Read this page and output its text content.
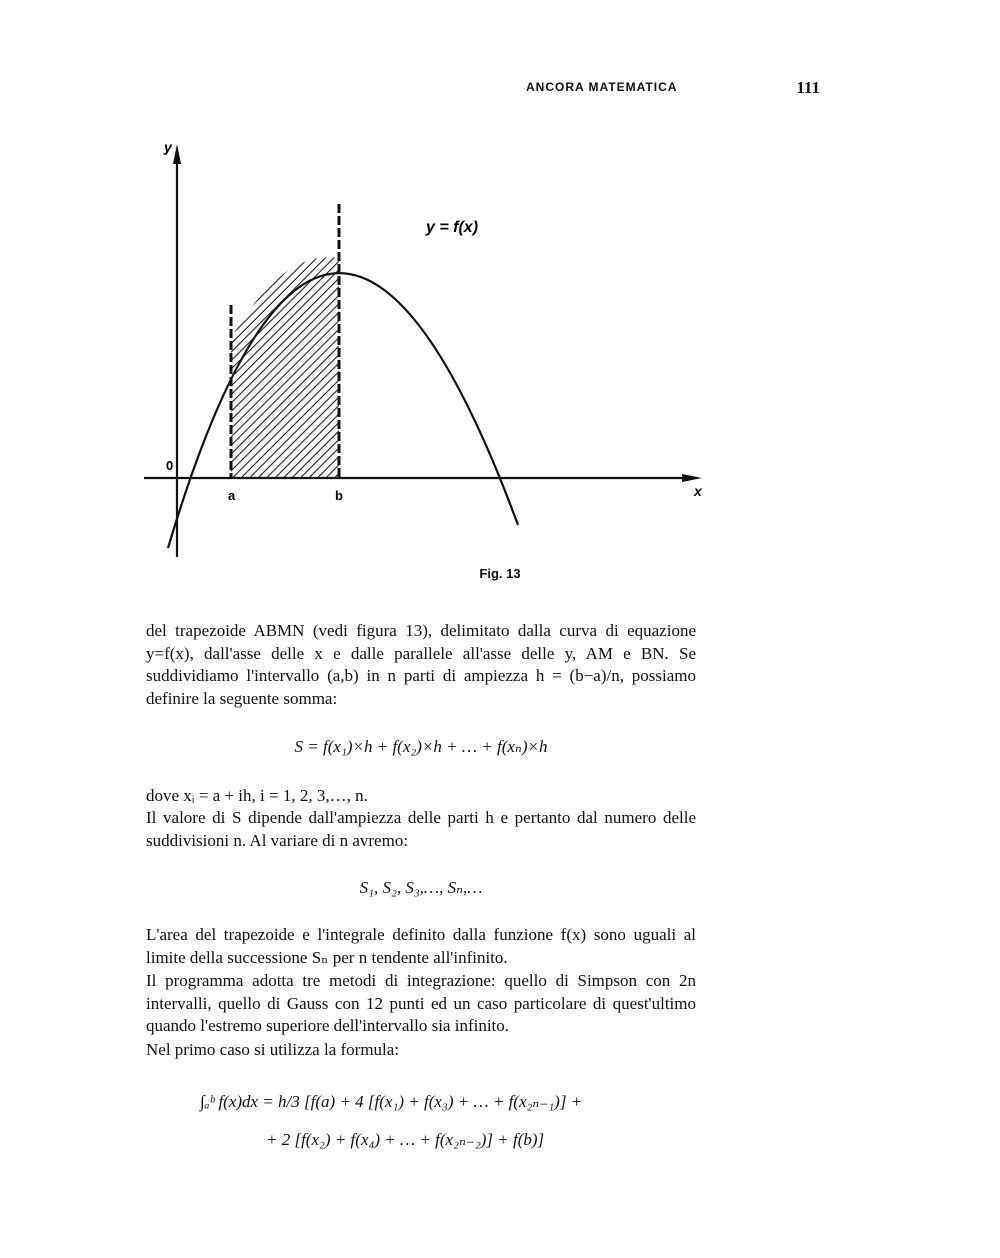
ANCORA MATEMATICA	111
y
x
0
a	b
y = f(x)
Fig. 13

del trapezoide ABMN (vedi figura 13), delimitato dalla curva di equazione y=f(x), dall'asse delle x e dalle parallele all'asse delle y, AM e BN. Se suddividiamo l'intervallo (a,b) in n parti di ampiezza h = (b−a)/n, possiamo definire la seguente somma:

S = f(x₁)×h + f(x₂)×h + … + f(xₙ)×h

dove xᵢ = a + ih, i = 1, 2, 3,…, n.

Il valore di S dipende dall'ampiezza delle parti h e pertanto dal numero delle suddivisioni n. Al variare di n avremo:

S₁, S₂, S₃,…, Sₙ,…

L'area del trapezoide e l'integrale definito dalla funzione f(x) sono uguali al limite della successione Sₙ per n tendente all'infinito.

Il programma adotta tre metodi di integrazione: quello di Simpson con 2n intervalli, quello di Gauss con 12 punti ed un caso particolare di quest'ultimo quando l'estremo superiore dell'intervallo sia infinito.

Nel primo caso si utilizza la formula:

∫ₐᵇ f(x)dx = h/3 [f(a) + 4 [f(x₁) + f(x₃) + … + f(x₂ₙ₋₁)] +
+ 2 [f(x₂) + f(x₄) + … + f(x₂ₙ₋₂)] + f(b)]
